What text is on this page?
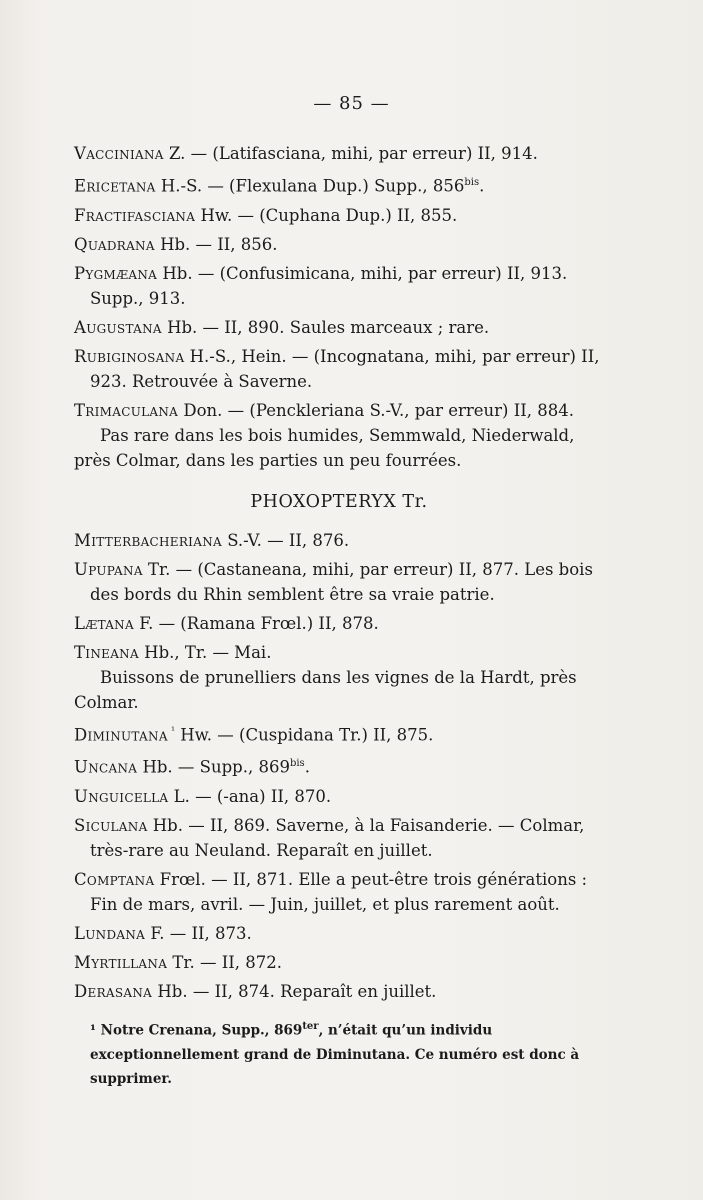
— 85 —
Vacciniana Z. — (Latifasciana, mihi, par erreur) II, 914.
Ericetana H.-S. — (Flexulana Dup.) Supp., $856^{bis}$.
Fractifasciana Hw. — (Cuphana Dup.) II, 855.
Quadrana Hb. — II, 856.
Pygmæana Hb. — (Confusimicana, mihi, par erreur) II, 913. Supp., 913.
Augustana Hb. — II, 890. Saules marceaux ; rare.
Rubiginosana H.-S., Hein. — (Incognatana, mihi, par erreur) II, 923. Retrouvée à Saverne.
Trimaculana Don. — (Penckleriana S.-V., par erreur) II, 884.
Pas rare dans les bois humides, Semmwald, Niederwald, près Colmar, dans les parties un peu fourrées.
PHOXOPTERYX Tr.
Mitterbacheriana S.-V. — II, 876.
Upupana Tr. — (Castaneana, mihi, par erreur) II, 877. Les bois des bords du Rhin semblent être sa vraie patrie.
Lætana F. — (Ramana Frœl.) II, 878.
Tineana Hb., Tr. — Mai.
Buissons de prunelliers dans les vignes de la Hardt, près Colmar.
Diminutana $^{^1}$ Hw. — (Cuspidana Tr.) II, 875.
Uncana Hb. — Supp., $869^{bis}$.
Unguicella L. — (-ana) II, 870.
Siculana Hb. — II, 869. Saverne, à la Faisanderie. — Colmar, très-rare au Neuland. Reparaît en juillet.
Comptana Frœl. — II, 871. Elle a peut-être trois générations : Fin de mars, avril. — Juin, juillet, et plus rarement août.
Lundana F. — II, 873.
Myrtillana Tr. — II, 872.
Derasana Hb. — II, 874. Reparaît en juillet.
¹ Notre Crenana, Supp., $869^{ter}$, n’était qu’un individu exceptionnellement grand de Diminutana. Ce numéro est donc à supprimer.
